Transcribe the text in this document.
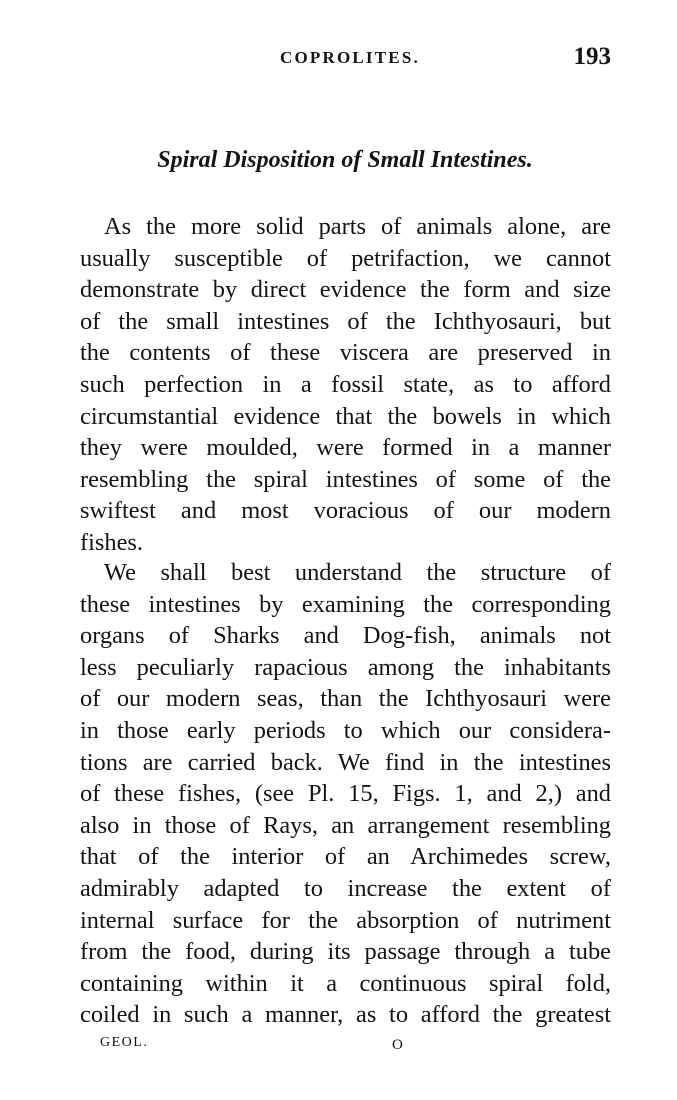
COPROLITES.	193
Spiral Disposition of Small Intestines.
As the more solid parts of animals alone, are
usually susceptible of petrifaction, we cannot
demonstrate by direct evidence the form and size
of the small intestines of the Ichthyosauri, but
the contents of these viscera are preserved in
such perfection in a fossil state, as to afford
circumstantial evidence that the bowels in which
they were moulded, were formed in a manner
resembling the spiral intestines of some of the
swiftest and most voracious of our modern
fishes.
We shall best understand the structure of
these intestines by examining the corresponding
organs of Sharks and Dog-fish, animals not
less peculiarly rapacious among the inhabitants
of our modern seas, than the Ichthyosauri were
in those early periods to which our considera-
tions are carried back. We find in the intestines
of these fishes, (see Pl. 15, Figs. 1, and 2,) and
also in those of Rays, an arrangement resembling
that of the interior of an Archimedes screw,
admirably adapted to increase the extent of
internal surface for the absorption of nutriment
from the food, during its passage through a tube
containing within it a continuous spiral fold,
coiled in such a manner, as to afford the greatest
GEOL.	O
